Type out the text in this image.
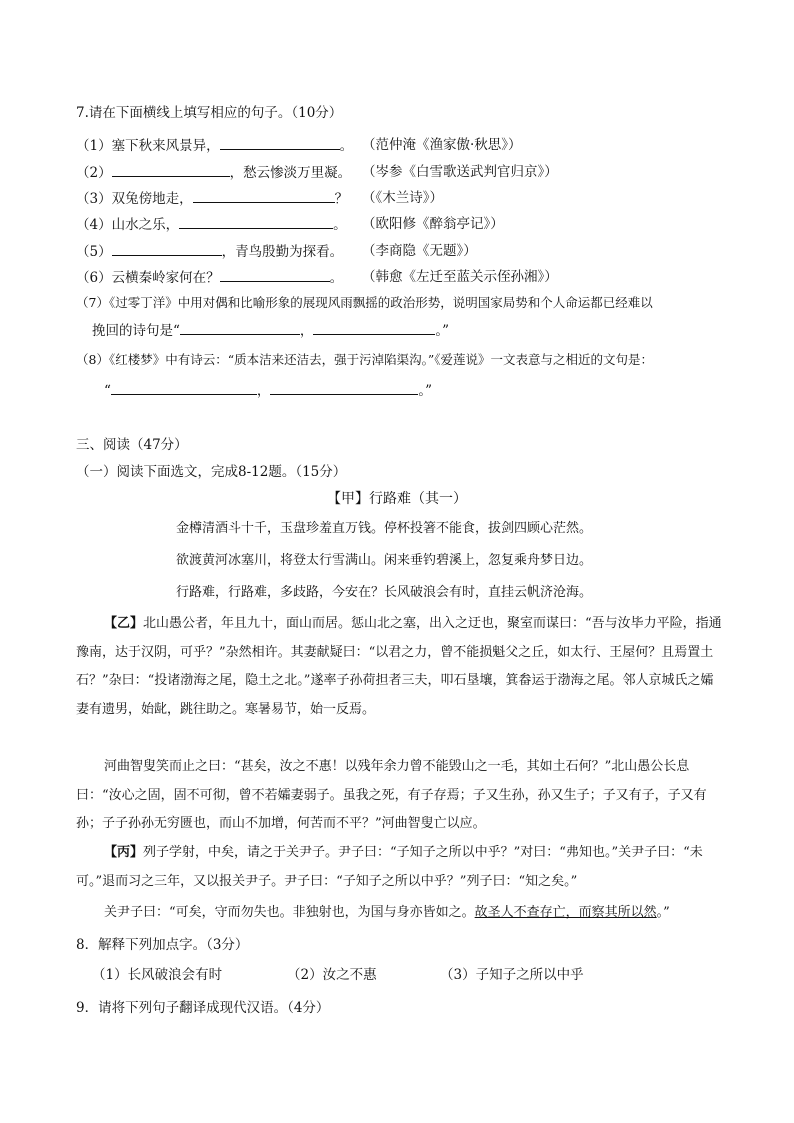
7.请在下面横线上填写相应的句子。（10分）
（1）塞下秋来风景异，	。 （范仲淹《渔家傲·秋思》）
（2）	，愁云惨淡万里凝。 （岑参《白雪歌送武判官归京》）
（3）双兔傍地走，	？ （《木兰诗》）
（4）山水之乐，	。 （欧阳修《醉翁亭记》）
（5）	，青鸟殷勤为探看。 （李商隐《无题》）
（6）云横秦岭家何在？	。 （韩愈《左迁至蓝关示侄孙湘》）
（7）《过零丁洋》中用对偶和比喻形象的展现风雨飘摇的政治形势，说明国家局势和个人命运都已经难以
挽回的诗句是“	，	。”
（8）《红楼梦》中有诗云：“质本洁来还洁去，强于污淖陷渠沟。”《爱莲说》一文表意与之相近的文句是：
“	，	。”
三、阅读（47分）
（一）阅读下面选文，完成8-12题。（15分）
【甲】行路难（其一）
金樽清酒斗十千，玉盘珍羞直万钱。停杯投箸不能食，拔剑四顾心茫然。
欲渡黄河冰塞川，将登太行雪满山。闲来垂钓碧溪上，忽复乘舟梦日边。
行路难，行路难，多歧路，今安在？长风破浪会有时，直挂云帆济沧海。
【乙】北山愚公者，年且九十，面山而居。惩山北之塞，出入之迂也，聚室而谋曰：“吾与汝毕力平险，指通豫南，达于汉阴，可乎？”杂然相许。其妻献疑曰：“以君之力，曾不能损魁父之丘，如太行、王屋何？且焉置土石？”杂曰：“投诸渤海之尾，隐土之北。”遂率子孙荷担者三夫，叩石垦壤，箕畚运于渤海之尾。邻人京城氏之孀妻有遗男，始龀，跳往助之。寒暑易节，始一反焉。
河曲智叟笑而止之曰：“甚矣，汝之不惠！以残年余力曾不能毁山之一毛，其如土石何？”北山愚公长息曰：“汝心之固，固不可彻，曾不若孀妻弱子。虽我之死，有子存焉；子又生孙，孙又生子；子又有子，子又有孙；子子孙孙无穷匮也，而山不加增，何苦而不平？”河曲智叟亡以应。
【丙】列子学射，中矣，请之于关尹子。尹子曰：“子知子之所以中乎？”对曰：“弗知也。”关尹子曰：“未可。”退而习之三年，又以报关尹子。尹子曰：“子知子之所以中乎？”列子曰：“知之矣。”
关尹子曰：“可矣，守而勿失也。非独射也，为国与身亦皆如之。故圣人不查存亡，而察其所以然。”
8．解释下列加点字。（3分）
（1）长风破浪会有时	（2）汝之不惠	（3）子知子之所以中乎
9．请将下列句子翻译成现代汉语。（4分）
